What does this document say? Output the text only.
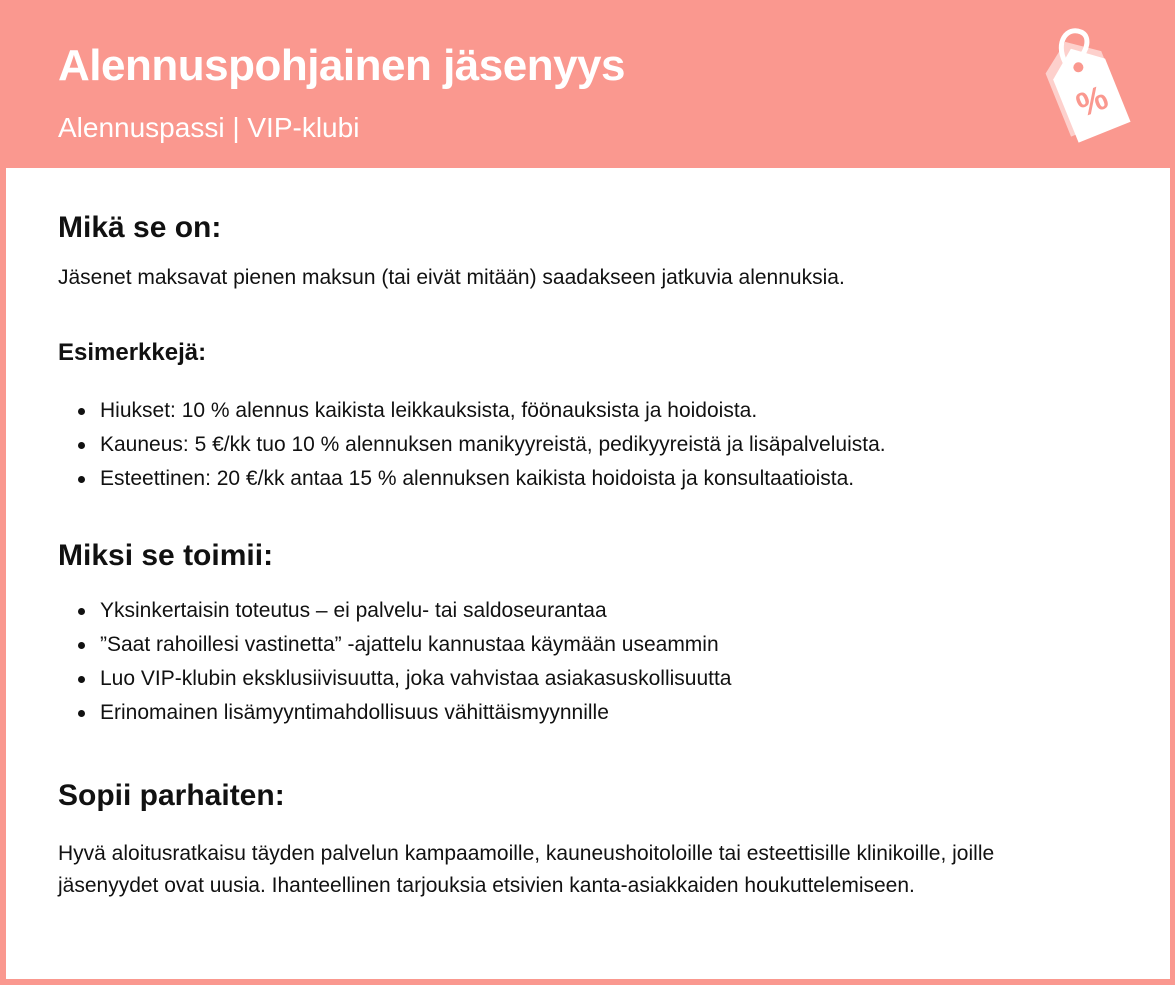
Alennuspohjainen jäsenyys
Alennuspassi | VIP-klubi
%
Mikä se on:
Jäsenet maksavat pienen maksun (tai eivät mitään) saadakseen jatkuvia alennuksia.
Esimerkkejä:
Hiukset: 10 % alennus kaikista leikkauksista, föönauksista ja hoidoista.
Kauneus: 5 €/kk tuo 10 % alennuksen manikyyreistä, pedikyyreistä ja lisäpalveluista.
Esteettinen: 20 €/kk antaa 15 % alennuksen kaikista hoidoista ja konsultaatioista.
Miksi se toimii:
Yksinkertaisin toteutus – ei palvelu- tai saldoseurantaa
”Saat rahoillesi vastinetta” -ajattelu kannustaa käymään useammin
Luo VIP-klubin eksklusiivisuutta, joka vahvistaa asiakasuskollisuutta
Erinomainen lisämyyntimahdollisuus vähittäismyynnille
Sopii parhaiten:
Hyvä aloitusratkaisu täyden palvelun kampaamoille, kauneushoitoloille tai esteettisille klinikoille, joille jäsenyydet ovat uusia. Ihanteellinen tarjouksia etsivien kanta-asiakkaiden houkuttelemiseen.
